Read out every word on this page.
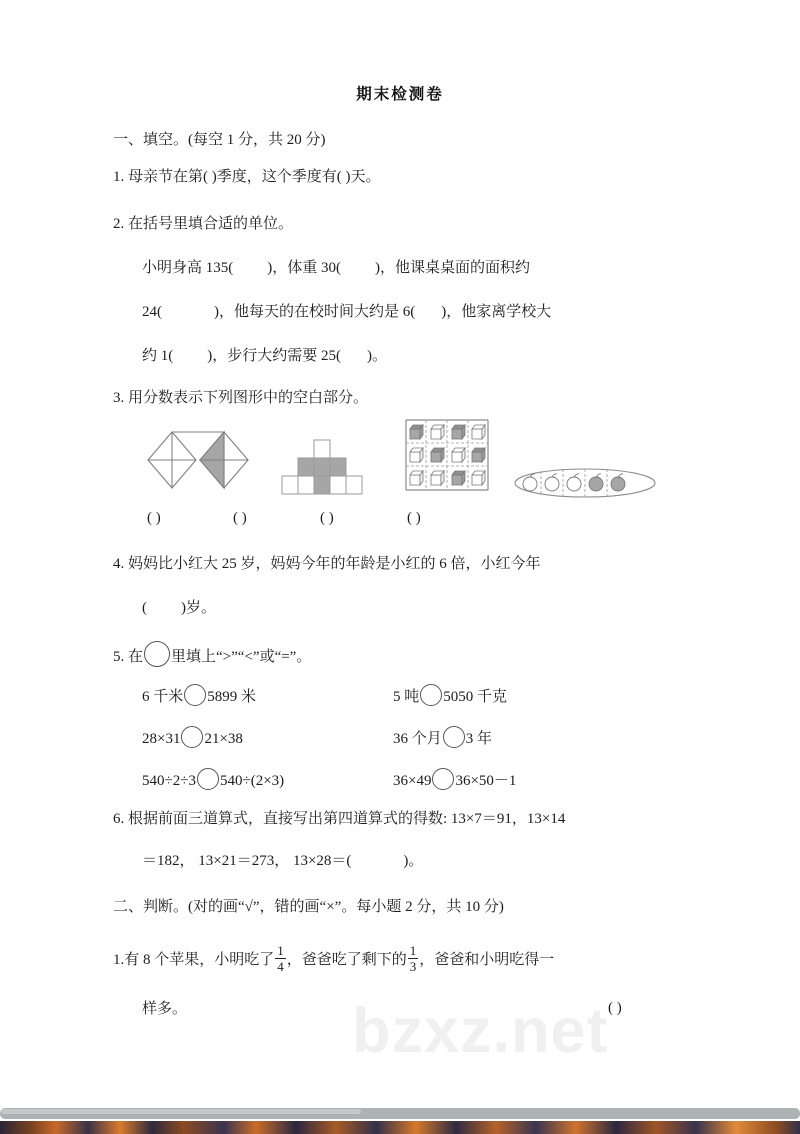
bzxz.net
期末检测卷
一、填空。(每空 1 分，共 20 分)
1. 母亲节在第( )季度，这个季度有( )天。
2. 在括号里填合适的单位。
小明身高 135( )，体重 30( )，他课桌桌面的面积约
24(	)，他每天的在校时间大约是 6( )，他家离学校大
约 1( )，步行大约需要 25( )。
3. 用分数表示下列图形中的空白部分。
( )	( )	( )	( )
4. 妈妈比小红大 25 岁，妈妈今年的年龄是小红的 6 倍，小红今年
( )岁。
5. 在 里填上“>”“<”或“=”。
6 千米 5899 米	5 吨 5050 千克
28×31 21×38	36 个月 3 年
540÷2÷3 540÷(2×3)	36×49 36×50－1
6. 根据前面三道算式，直接写出第四道算式的得数: 13×7＝91，13×14
＝182， 13×21＝273， 13×28＝(	)。
二、判断。(对的画“√”，错的画“×”。每小题 2 分，共 10 分)
1.有 8 个苹果，小明吃了 $\frac{1}{4}$ ，爸爸吃了剩下的 $\frac{1}{3}$ ，爸爸和小明吃得一
样多。	( )
